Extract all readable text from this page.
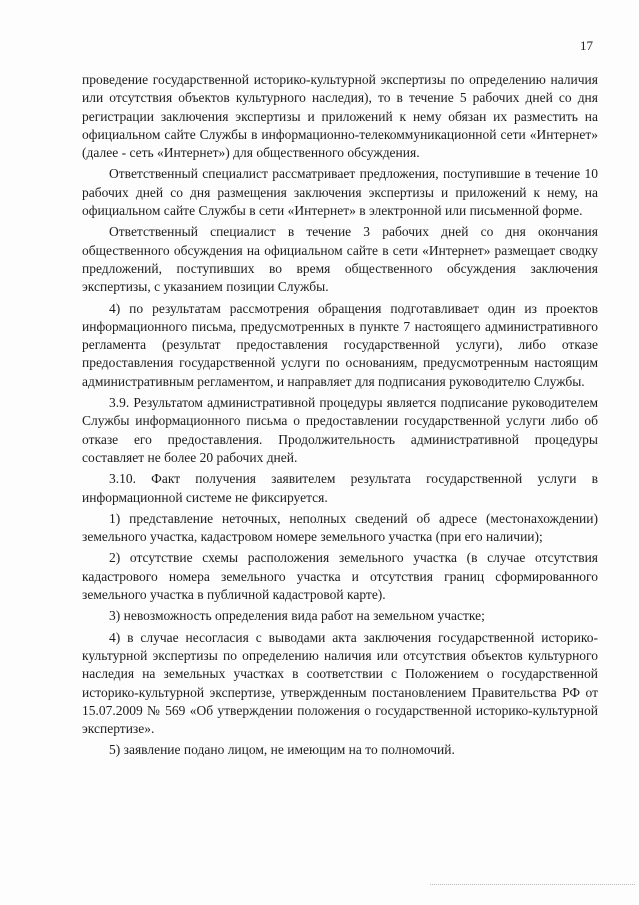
17

проведение государственной историко-культурной экспертизы по определению наличия или отсутствия объектов культурного наследия), то в течение 5 рабочих дней со дня регистрации заключения экспертизы и приложений к нему обязан их разместить на официальном сайте Службы в информационно-телекоммуникационной сети «Интернет» (далее - сеть «Интернет») для общественного обсуждения.

Ответственный специалист рассматривает предложения, поступившие в течение 10 рабочих дней со дня размещения заключения экспертизы и приложений к нему, на официальном сайте Службы в сети «Интернет» в электронной или письменной форме.

Ответственный специалист в течение 3 рабочих дней со дня окончания общественного обсуждения на официальном сайте в сети «Интернет» размещает сводку предложений, поступивших во время общественного обсуждения заключения экспертизы, с указанием позиции Службы.

4) по результатам рассмотрения обращения подготавливает один из проектов информационного письма, предусмотренных в пункте 7 настоящего административного регламента (результат предоставления государственной услуги), либо отказе предоставления государственной услуги по основаниям, предусмотренным настоящим административным регламентом, и направляет для подписания руководителю Службы.

3.9. Результатом административной процедуры является подписание руководителем Службы информационного письма о предоставлении государственной услуги либо об отказе его предоставления. Продолжительность административной процедуры составляет не более 20 рабочих дней.

3.10. Факт получения заявителем результата государственной услуги в информационной системе не фиксируется.

1) представление неточных, неполных сведений об адресе (местонахождении) земельного участка, кадастровом номере земельного участка (при его наличии);

2) отсутствие схемы расположения земельного участка (в случае отсутствия кадастрового номера земельного участка и отсутствия границ сформированного земельного участка в публичной кадастровой карте).

3) невозможность определения вида работ на земельном участке;

4) в случае несогласия с выводами акта заключения государственной историко-культурной экспертизы по определению наличия или отсутствия объектов культурного наследия на земельных участках в соответствии с Положением о государственной историко-культурной экспертизе, утвержденным постановлением Правительства РФ от 15.07.2009 № 569 «Об утверждении положения о государственной историко-культурной экспертизе».

5) заявление подано лицом, не имеющим на то полномочий.
